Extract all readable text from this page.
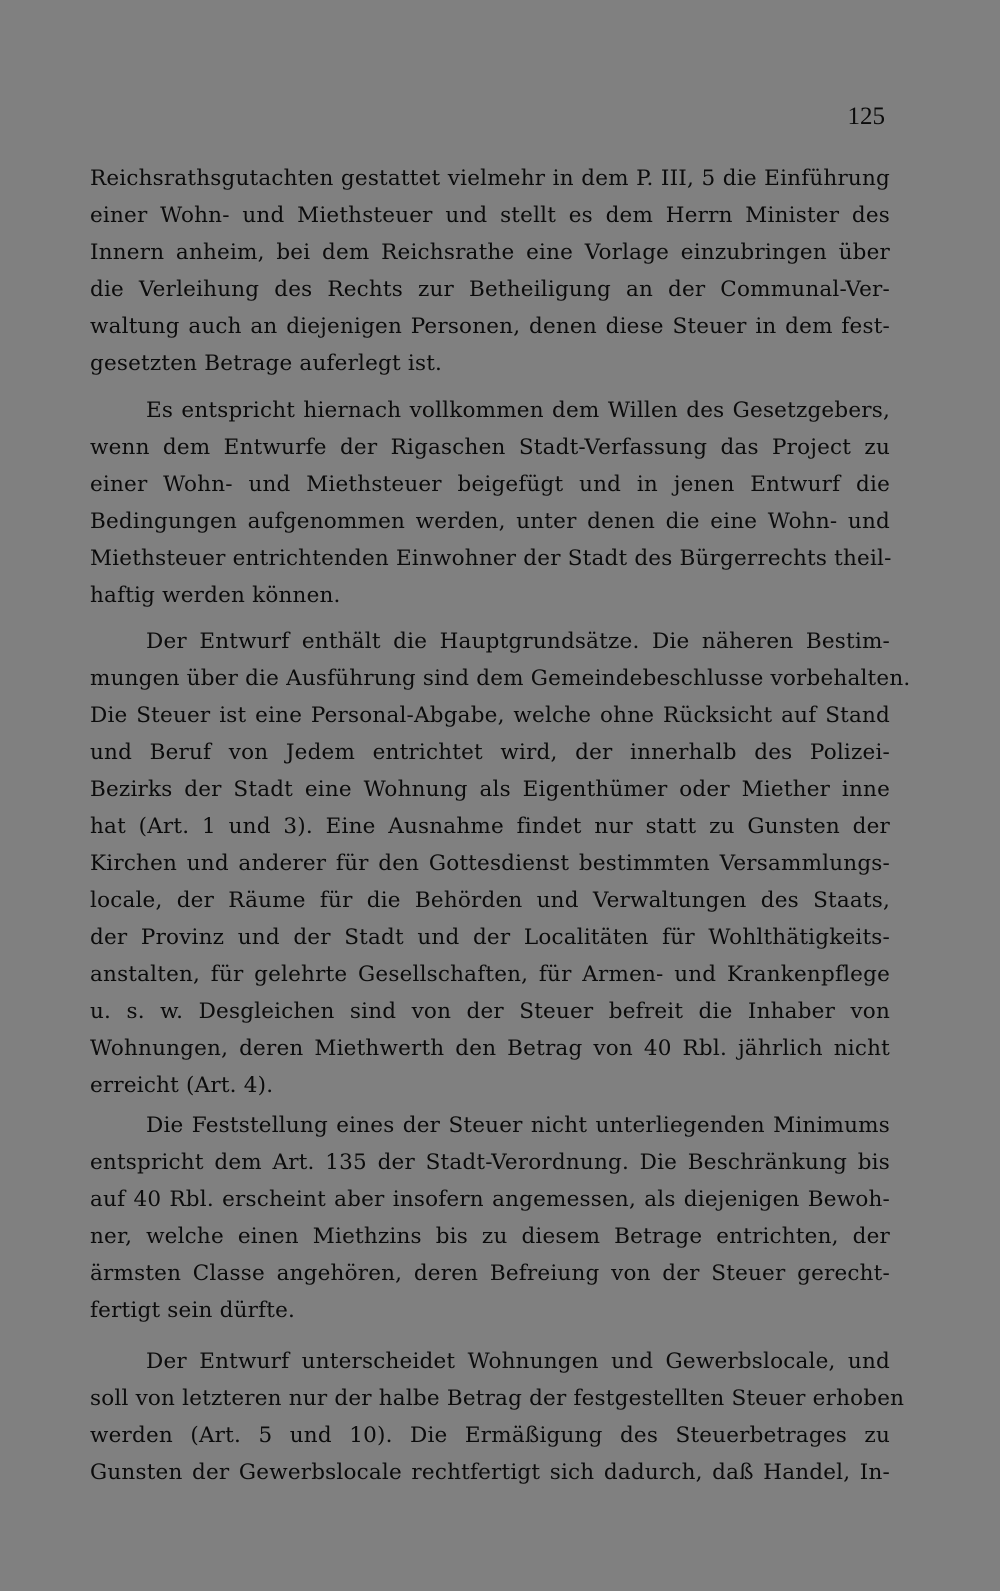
125
Reichsrathsgutachten gestattet vielmehr in dem P. III, 5 die Einführung
einer Wohn- und Miethsteuer und stellt es dem Herrn Minister des
Innern anheim, bei dem Reichsrathe eine Vorlage einzubringen über
die Verleihung des Rechts zur Betheiligung an der Communal-Ver-
waltung auch an diejenigen Personen, denen diese Steuer in dem fest-
gesetzten Betrage auferlegt ist.
Es entspricht hiernach vollkommen dem Willen des Gesetzgebers,
wenn dem Entwurfe der Rigaschen Stadt-Verfassung das Project zu
einer Wohn- und Miethsteuer beigefügt und in jenen Entwurf die
Bedingungen aufgenommen werden, unter denen die eine Wohn- und
Miethsteuer entrichtenden Einwohner der Stadt des Bürgerrechts theil-
haftig werden können.
Der Entwurf enthält die Hauptgrundsätze. Die näheren Bestim-
mungen über die Ausführung sind dem Gemeindebeschlusse vorbehalten.
Die Steuer ist eine Personal-Abgabe, welche ohne Rücksicht auf Stand
und Beruf von Jedem entrichtet wird, der innerhalb des Polizei-
Bezirks der Stadt eine Wohnung als Eigenthümer oder Miether inne
hat (Art. 1 und 3). Eine Ausnahme findet nur statt zu Gunsten der
Kirchen und anderer für den Gottesdienst bestimmten Versammlungs-
locale, der Räume für die Behörden und Verwaltungen des Staats,
der Provinz und der Stadt und der Localitäten für Wohlthätigkeits-
anstalten, für gelehrte Gesellschaften, für Armen- und Krankenpflege
u. s. w. Desgleichen sind von der Steuer befreit die Inhaber von
Wohnungen, deren Miethwerth den Betrag von 40 Rbl. jährlich nicht
erreicht (Art. 4).
Die Feststellung eines der Steuer nicht unterliegenden Minimums
entspricht dem Art. 135 der Stadt-Verordnung. Die Beschränkung bis
auf 40 Rbl. erscheint aber insofern angemessen, als diejenigen Bewoh-
ner, welche einen Miethzins bis zu diesem Betrage entrichten, der
ärmsten Classe angehören, deren Befreiung von der Steuer gerecht-
fertigt sein dürfte.
Der Entwurf unterscheidet Wohnungen und Gewerbslocale, und
soll von letzteren nur der halbe Betrag der festgestellten Steuer erhoben
werden (Art. 5 und 10). Die Ermäßigung des Steuerbetrages zu
Gunsten der Gewerbslocale rechtfertigt sich dadurch, daß Handel, In-
